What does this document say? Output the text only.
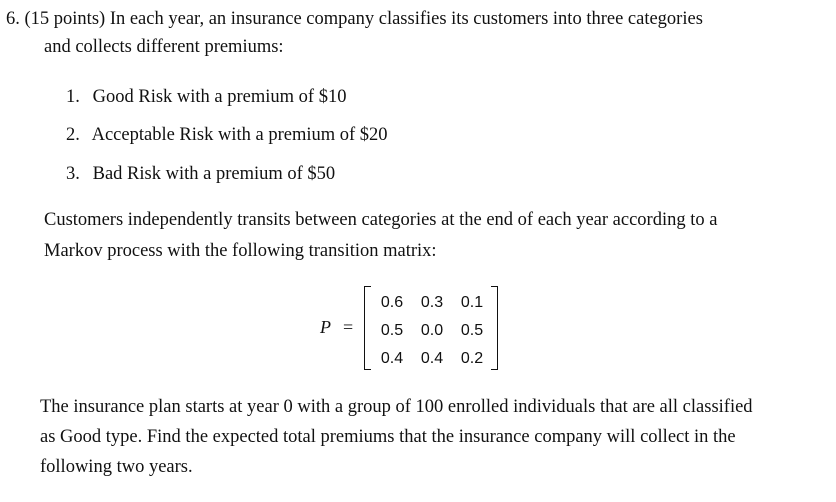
6. (15 points) In each year, an insurance company classifies its customers into three categories
and collects different premiums:
1. Good Risk with a premium of $10
2. Acceptable Risk with a premium of $20
3. Bad Risk with a premium of $50
Customers independently transits between categories at the end of each year according to a
Markov process with the following transition matrix:
P =
0.6	0.3	0.1
0.5	0.0	0.5
0.4	0.4	0.2
The insurance plan starts at year 0 with a group of 100 enrolled individuals that are all classified
as Good type. Find the expected total premiums that the insurance company will collect in the
following two years.
